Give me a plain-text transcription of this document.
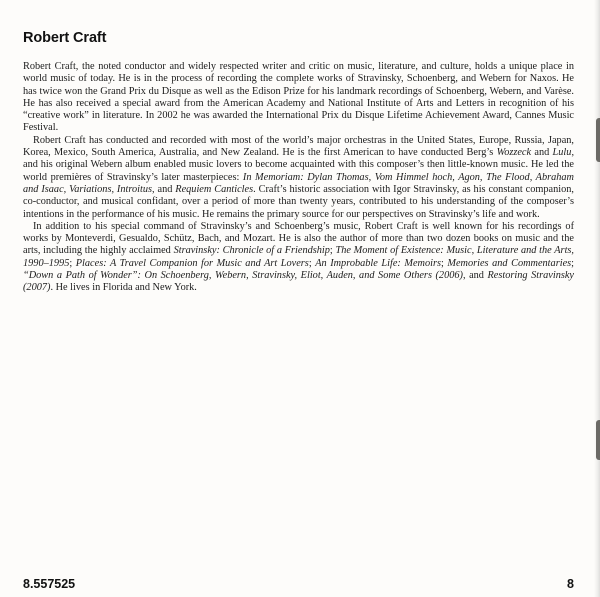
Robert Craft

Robert Craft, the noted conductor and widely respected writer and critic on music, literature, and culture, holds a unique place in world music of today. He is in the process of recording the complete works of Stravinsky, Schoenberg, and Webern for Naxos. He has twice won the Grand Prix du Disque as well as the Edison Prize for his landmark recordings of Schoenberg, Webern, and Varèse. He has also received a special award from the American Academy and National Institute of Arts and Letters in recognition of his “creative work” in literature. In 2002 he was awarded the International Prix du Disque Lifetime Achievement Award, Cannes Music Festival.

Robert Craft has conducted and recorded with most of the world’s major orchestras in the United States, Europe, Russia, Japan, Korea, Mexico, South America, Australia, and New Zealand. He is the first American to have conducted Berg’s Wozzeck and Lulu, and his original Webern album enabled music lovers to become acquainted with this composer’s then little-known music. He led the world premières of Stravinsky’s later masterpieces: In Memoriam: Dylan Thomas, Vom Himmel hoch, Agon, The Flood, Abraham and Isaac, Variations, Introitus, and Requiem Canticles. Craft’s historic association with Igor Stravinsky, as his constant companion, co-conductor, and musical confidant, over a period of more than twenty years, contributed to his understanding of the composer’s intentions in the performance of his music. He remains the primary source for our perspectives on Stravinsky’s life and work.

In addition to his special command of Stravinsky’s and Schoenberg’s music, Robert Craft is well known for his recordings of works by Monteverdi, Gesualdo, Schütz, Bach, and Mozart. He is also the author of more than two dozen books on music and the arts, including the highly acclaimed Stravinsky: Chronicle of a Friendship; The Moment of Existence: Music, Literature and the Arts, 1990–1995; Places: A Travel Companion for Music and Art Lovers; An Improbable Life: Memoirs; Memories and Commentaries; “Down a Path of Wonder”: On Schoenberg, Webern, Stravinsky, Eliot, Auden, and Some Others (2006), and Restoring Stravinsky (2007). He lives in Florida and New York.

8.557525	8
